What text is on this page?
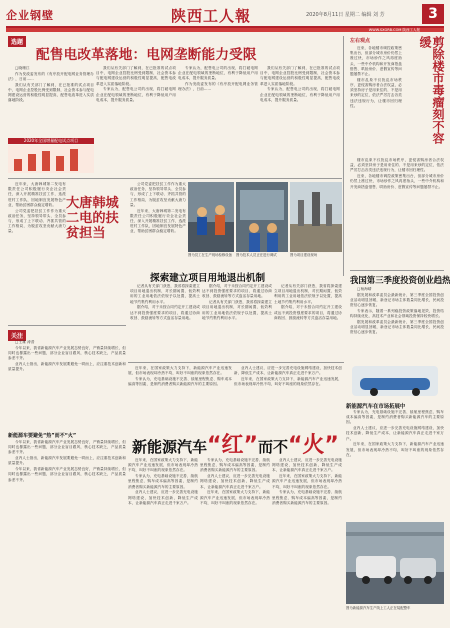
企业钢壁	陕西工人報	2020年8月11日 星期二 编辑 刘 芳	3
WWW.SXGRB.COM 陕西工人报
选题
配售电改革落地：电网垄断能力受限

□晓珊江

作为发改委发布的《有序放开配电网业务管理办法》，日前……

我们从有关部门了解到，在已批准的试点项目中，电网企业控股比例受到限制，社会资本参与配电网建设运营的积极性明显提高，配售电改革进入实质落地阶段。

我们从有关部门了解到，在已批准的试点项目中，电网企业控股比例受到限制，社会资本参与配电网建设运营的积极性明显提高，配售电改革进入实质落地阶段。

专家认为，配售电公司的出现，将打破电网企业在配电领域的垄断地位，有利于降低用户用电成本，提升服务质量。

专家认为，配售电公司的出现，将打破电网企业在配电领域的垄断地位，有利于降低用户用电成本，提升服务质量。

作为发改委发布的《有序放开配电网业务管理办法》，日前……

我们从有关部门了解到，在已批准的试点项目中，电网企业控股比例受到限制，社会资本参与配电网建设运营的积极性明显提高，配售电改革进入实质落地阶段。

专家认为，配售电公司的出现，将打破电网企业在配电领域的垄断地位，有利于降低用户用电成本，提升服务质量。

2020年全国增量配电试点项目
左右观点	剪除楼市毒瘤刻不容缓

近来，各地楼市调控政策密集出台，但部分城市房价仍然上涨过快，市场炒作之风再度抬头，一些中介机构和开发商捂盘惜售、哄抬房价、虚假宣传等问题屡禁不止。

楼市乱象不仅扰乱市场秩序，更侵害购房者合法权益，必须坚持房子是用来住的、不是用来炒的定位，依法严厉打击各类违法违规行为，让楼市回归理性。

楼市乱象不仅扰乱市场秩序，更侵害购房者合法权益，必须坚持房子是用来住的、不是用来炒的定位，依法严厉打击各类违法违规行为，让楼市回归理性。

近来，各地楼市调控政策密集出台，但部分城市房价仍然上涨过快，市场炒作之风再度抬头，一些中介机构和开发商捂盘惜售、哄抬房价、虚假宣传等问题屡禁不止。

我国第三季度投资创业趋热

□杨海晴

据发展和改革委员会最新统计，第三季度全国投资创业活动明显回暖，新登记市场主体数量同比增长，民间投资信心逐步恢复。

专家表示，随着一系列稳投资政策落地见效，投资结构持续优化，高技术产业和社会领域投资保持较快增长。

据发展和改革委员会最新统计，第三季度全国投资创业活动明显回暖，新登记市场主体数量同比增长，民间投资信心逐步恢复。

近年来，大唐韩城第二发电有限责任公司积极履行央企社会责任，深入开展精准扶贫工作，选派驻村工作队，因地制宜发展特色产业，帮助贫困群众稳定增收。

公司党委把扶贫工作作为重大政治任务，坚持领导带头、全员参与，形成了上下联动、齐抓共管的工作格局，为脱贫攻坚贡献大唐力量。

大唐韩城二电的扶贫担当

公司党委把扶贫工作作为重大政治任务，坚持领导带头、全员参与，形成了上下联动、齐抓共管的工作格局，为脱贫攻坚贡献大唐力量。

近年来，大唐韩城第二发电有限责任公司积极履行央企社会责任，深入开展精准扶贫工作，选派驻村工作队，因地制宜发展特色产业，帮助贫困群众稳定增收。

图为员工在生产现场检修设备	图为技术人员正在进行调试	图为项目建设现场
探索建立项目用地退出机制

记者从有关部门获悉，我省将探索建立项目用地退出机制，对长期闲置、低效利用的工业用地依法依规予以处置，提高土地节约集约利用水平。

据介绍，对于未按合同约定开工建设或达不到投资强度要求的项目，将通过协商收回、鼓励流转等方式盘活存量用地。

据介绍，对于未按合同约定开工建设或达不到投资强度要求的项目，将通过协商收回、鼓励流转等方式盘活存量用地。

记者从有关部门获悉，我省将探索建立项目用地退出机制，对长期闲置、低效利用的工业用地依法依规予以处置，提高土地节约集约利用水平。

记者从有关部门获悉，我省将探索建立项目用地退出机制，对长期闲置、低效利用的工业用地依法依规予以处置，提高土地节约集约利用水平。

据介绍，对于未按合同约定开工建设或达不到投资强度要求的项目，将通过协商收回、鼓励流转等方式盘活存量用地。

关注

□王雄 涛普

今年以来，我省新能源汽车产业发展态势良好，产销量持续增长，但同时也暴露出一些问题，部分企业盲目跟风，核心技术缺乏，产品质量参差不齐。

业内人士指出，新能源汽车发展要避免一哄而上，应注重技术创新和质量提升。

新能源车要避免“热”而不“火”

今年以来，我省新能源汽车产业发展态势良好，产销量持续增长，但同时也暴露出一些问题，部分企业盲目跟风，核心技术缺乏，产品质量参差不齐。

业内人士指出，新能源汽车发展要避免一哄而上，应注重技术创新和质量提升。

今年以来，我省新能源汽车产业发展态势良好，产销量持续增长，但同时也暴露出一些问题，部分企业盲目跟风，核心技术缺乏，产品质量参差不齐。

近年来，在国家政策大力支持下，新能源汽车产业迅速发展，但市场表现却冷热不均，叫好不叫座的现象依然存在。

专家认为，充电基础设施不完善、续航里程焦虑、购车成本偏高等因素，是制约消费者购买新能源汽车的主要原因。

业内人士建议，应进一步完善充电设施网络建设，加快技术创新，降低生产成本，让新能源汽车真正走进千家万户。

近年来，在国家政策大力支持下，新能源汽车产业迅速发展，但市场表现却冷热不均，叫好不叫座的现象依然存在。

新能源汽车“红”而不“火”

近年来，在国家政策大力支持下，新能源汽车产业迅速发展，但市场表现却冷热不均，叫好不叫座的现象依然存在。

专家认为，充电基础设施不完善、续航里程焦虑、购车成本偏高等因素，是制约消费者购买新能源汽车的主要原因。

业内人士建议，应进一步完善充电设施网络建设，加快技术创新，降低生产成本，让新能源汽车真正走进千家万户。

专家认为，充电基础设施不完善、续航里程焦虑、购车成本偏高等因素，是制约消费者购买新能源汽车的主要原因。

业内人士建议，应进一步完善充电设施网络建设，加快技术创新，降低生产成本，让新能源汽车真正走进千家万户。

近年来，在国家政策大力支持下，新能源汽车产业迅速发展，但市场表现却冷热不均，叫好不叫座的现象依然存在。

业内人士建议，应进一步完善充电设施网络建设，加快技术创新，降低生产成本，让新能源汽车真正走进千家万户。

近年来，在国家政策大力支持下，新能源汽车产业迅速发展，但市场表现却冷热不均，叫好不叫座的现象依然存在。

专家认为，充电基础设施不完善、续航里程焦虑、购车成本偏高等因素，是制约消费者购买新能源汽车的主要原因。

新能源汽车在市场拓展中

专家认为，充电基础设施不完善、续航里程焦虑、购车成本偏高等因素，是制约消费者购买新能源汽车的主要原因。

业内人士建议，应进一步完善充电设施网络建设，加快技术创新，降低生产成本，让新能源汽车真正走进千家万户。

近年来，在国家政策大力支持下，新能源汽车产业迅速发展，但市场表现却冷热不均，叫好不叫座的现象依然存在。

图为新能源汽车生产线上工人正在装配整车
